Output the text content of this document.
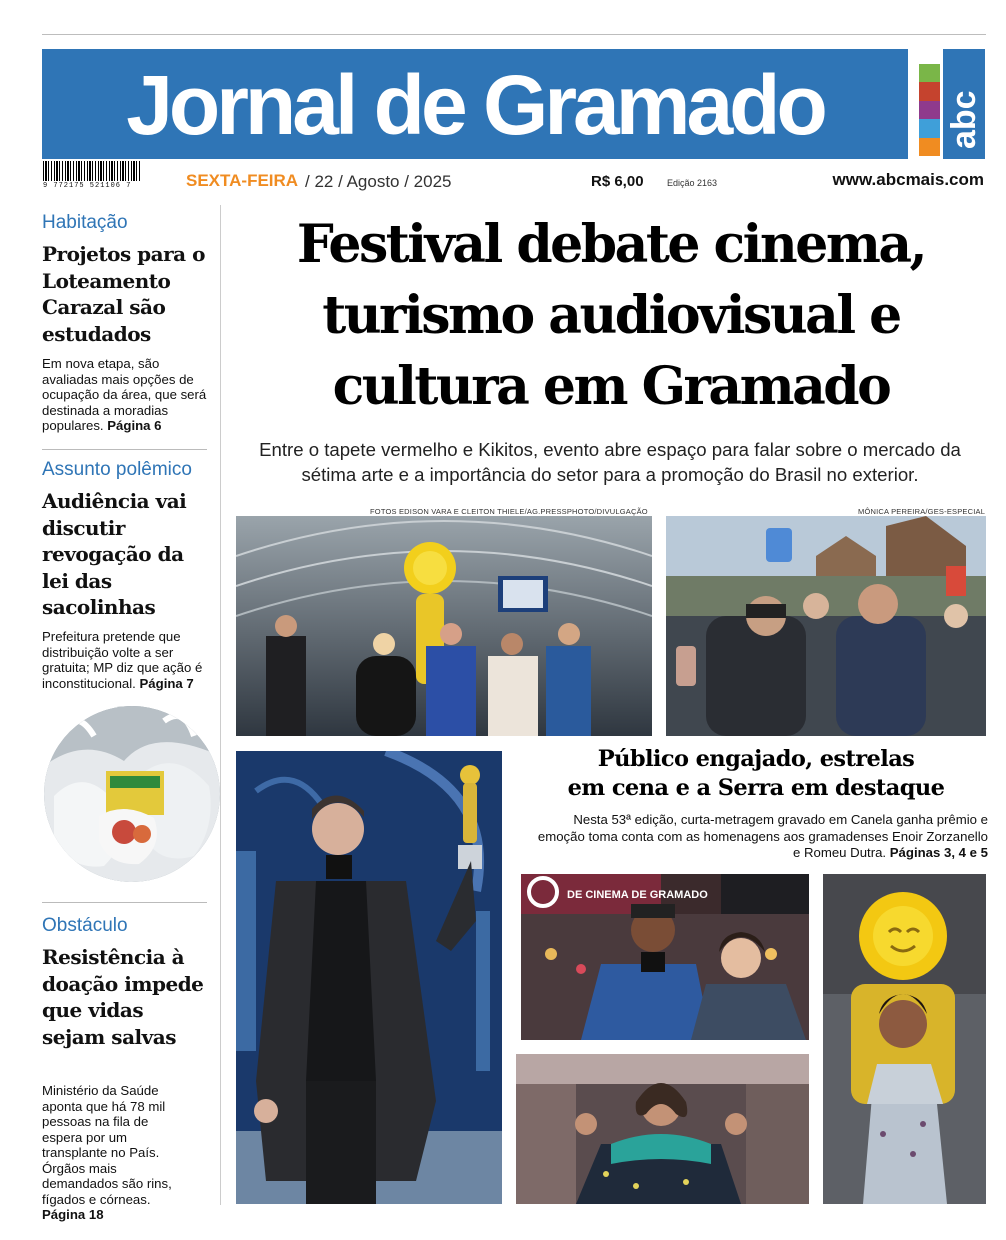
Jornal de Gramado	abc
9 772175 521106 7	SEXTA-FEIRA / 22 / Agosto / 2025	R$ 6,00	Edição 2163	www.abcmais.com
Habitação
Projetos para o Loteamento Carazal são estudados
Em nova etapa, são avaliadas mais opções de ocupação da área, que será destinada a moradias populares. Página 6
Assunto polêmico
Audiência vai discutir revogação da lei das sacolinhas
Prefeitura pretende que distribuição volte a ser gratuita; MP diz que ação é inconstitucional. Página 7
Obstáculo
Resistência à doação impede que vidas sejam salvas
Ministério da Saúde aponta que há 78 mil pessoas na fila de espera por um transplante no País. Órgãos mais demandados são rins, fígados e córneas. Página 18
Festival debate cinema,
turismo audiovisual e
cultura em Gramado
Entre o tapete vermelho e Kikitos, evento abre espaço para falar sobre o mercado da sétima arte e a importância do setor para a promoção do Brasil no exterior.
FOTOS EDISON VARA E CLEITON THIELE/AG.PRESSPHOTO/DIVULGAÇÃO	MÔNICA PEREIRA/GES-ESPECIAL
Público engajado, estrelas
em cena e a Serra em destaque
Nesta 53ª edição, curta-metragem gravado em Canela ganha prêmio e
emoção toma conta com as homenagens aos gramadenses Enoir Zorzanello
e Romeu Dutra. Páginas 3, 4 e 5
DE CINEMA DE GRAMADO
